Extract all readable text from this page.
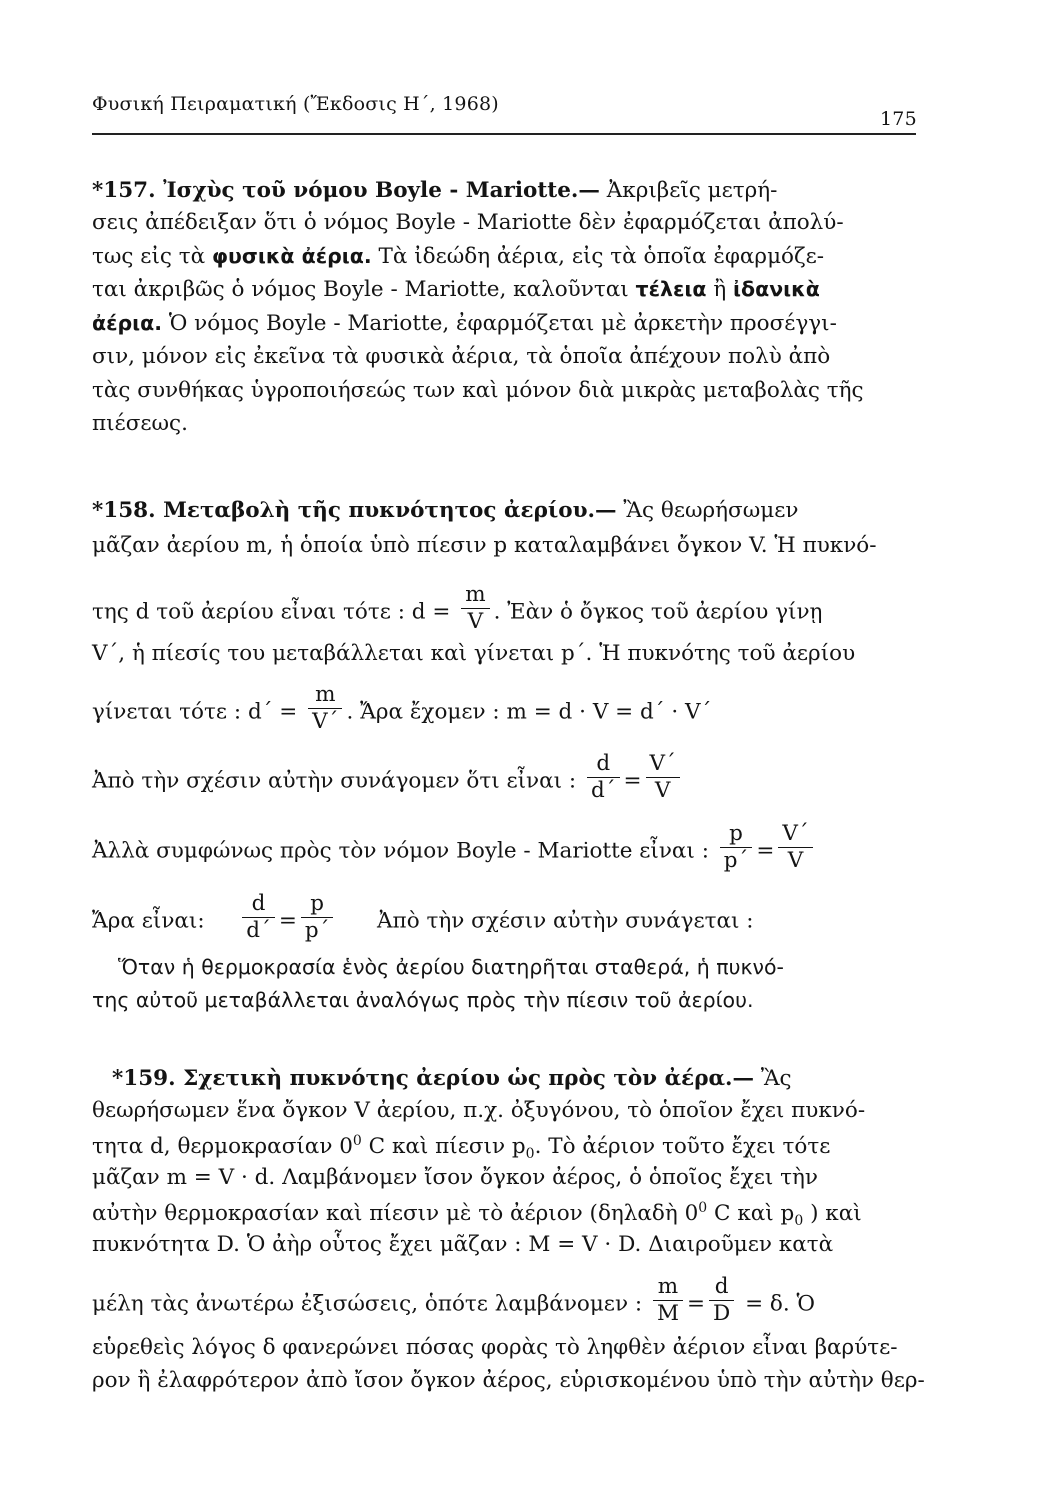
Φυσική Πειραματική (Ἔκδοσις Η΄, 1968)
175
*157. Ἰσχὺς τοῦ νόμου Boyle - Mariotte.— Ἀκριβεῖς μετρή-
σεις ἀπέδειξαν ὅτι ὁ νόμος Boyle - Mariotte δὲν ἐφαρμόζεται ἀπολύ-
τως εἰς τὰ φυσικὰ ἀέρια. Τὰ ἰδεώδη ἀέρια, εἰς τὰ ὁποῖα ἐφαρμόζε-
ται ἀκριβῶς ὁ νόμος Boyle - Mariotte, καλοῦνται τέλεια ἢ ἰδανικὰ
ἀέρια. Ὁ νόμος Boyle - Mariotte, ἐφαρμόζεται μὲ ἀρκετὴν προσέγγι-
σιν, μόνον εἰς ἐκεῖνα τὰ φυσικὰ ἀέρια, τὰ ὁποῖα ἀπέχουν πολὺ ἀπὸ
τὰς συνθήκας ὑγροποιήσεώς των καὶ μόνον διὰ μικρὰς μεταβολὰς τῆς
πιέσεως.
*158. Μεταβολὴ τῆς πυκνότητος ἀερίου.— Ἂς θεωρήσωμεν
μᾶζαν ἀερίου m, ἡ ὁποία ὑπὸ πίεσιν p καταλαμβάνει ὄγκον V. Ἡ πυκνό-
της d τοῦ ἀερίου εἶναι τότε : $d = \frac{m}{V}$ . Ἐὰν ὁ ὄγκος τοῦ ἀερίου γίνῃ
V΄, ἡ πίεσίς του μεταβάλλεται καὶ γίνεται p΄. Ἡ πυκνότης τοῦ ἀερίου
γίνεται τότε : $d΄ = \frac{m}{V΄}$ . Ἄρα ἔχομεν : m = d · V = d΄ · V΄
Ἀπὸ τὴν σχέσιν αὐτὴν συνάγομεν ὅτι εἶναι : $\frac{d}{d΄} = \frac{V΄}{V}$
Ἀλλὰ συμφώνως πρὸς τὸν νόμον Boyle - Mariotte εἶναι : $\frac{p}{p΄} = \frac{V΄}{V}$
Ἄρα εἶναι: $\frac{d}{d΄} = \frac{p}{p΄}$ Ἀπὸ τὴν σχέσιν αὐτὴν συνάγεται :
Ὅταν ἡ θερμοκρασία ἑνὸς ἀερίου διατηρῆται σταθερά, ἡ πυκνό-
της αὐτοῦ μεταβάλλεται ἀναλόγως πρὸς τὴν πίεσιν τοῦ ἀερίου.
*159. Σχετικὴ πυκνότης ἀερίου ὡς πρὸς τὸν ἀέρα.— Ἂς
θεωρήσωμεν ἕνα ὄγκον V ἀερίου, π.χ. ὀξυγόνου, τὸ ὁποῖον ἔχει πυκνό-
τητα d, θερμοκρασίαν $0^0$ C καὶ πίεσιν $p_0$. Τὸ ἀέριον τοῦτο ἔχει τότε
μᾶζαν m = V · d. Λαμβάνομεν ἴσον ὄγκον ἀέρος, ὁ ὁποῖος ἔχει τὴν
αὐτὴν θερμοκρασίαν καὶ πίεσιν μὲ τὸ ἀέριον (δηλαδὴ $0^0$ C καὶ $p_0$ ) καὶ
πυκνότητα D. Ὁ ἀὴρ οὗτος ἔχει μᾶζαν : M = V · D. Διαιροῦμεν κατὰ
μέλη τὰς ἀνωτέρω ἐξισώσεις, ὁπότε λαμβάνομεν : $\frac{m}{M} = \frac{d}{D} = \delta$. Ὁ
εὑρεθεὶς λόγος δ φανερώνει πόσας φορὰς τὸ ληφθὲν ἀέριον εἶναι βαρύτε-
ρον ἢ ἐλαφρότερον ἀπὸ ἴσον ὄγκον ἀέρος, εὑρισκομένου ὑπὸ τὴν αὐτὴν θερ-
